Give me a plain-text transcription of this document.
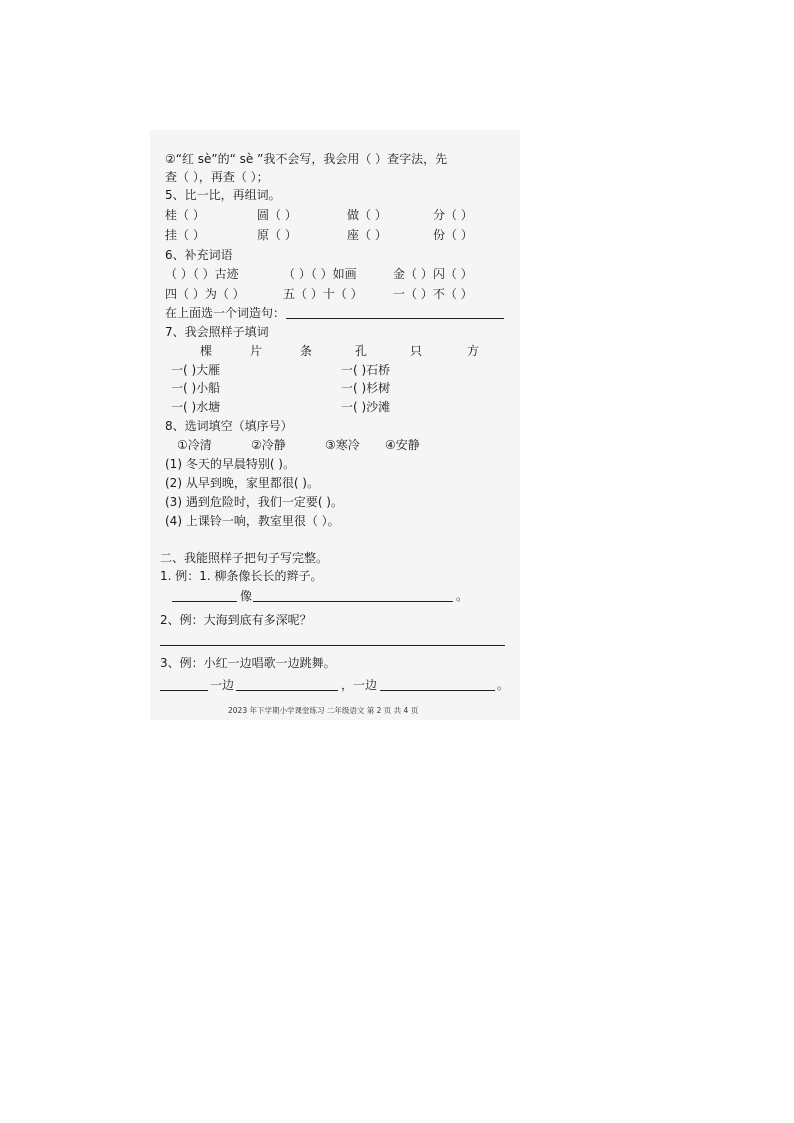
②“红 sè”的“ sè ”我不会写，我会用（ ）查字法，先
查（ ），再查（ ）；
5、比一比，再组词。
桂（ ）	圆（ ）	做（ ）	分（ ）
挂（ ）	原（ ）	座（ ）	份（ ）
6、补充词语
（ ）（ ）古迹	（ ）（ ）如画	金（ ）闪（ ）
四（ ）为（ ）	五（ ）十（ ）	一（ ）不（ ）
在上面选一个词造句：
7、我会照样子填词
棵	片	条	孔	只	方
一( )大雁	一( )石桥
一( )小船	一( )杉树
一( )水塘	一( )沙滩
8、选词填空（填序号）
①冷清	②冷静	③寒冷 ④安静
(1) 冬天的早晨特别( )。
(2) 从早到晚，家里都很( )。
(3) 遇到危险时，我们一定要( )。
(4) 上课铃一响，教室里很（ ）。
二、我能照样子把句子写完整。
1. 例：1. 柳条像长长的辫子。
像	。
2、例：大海到底有多深呢？
3、例：小红一边唱歌一边跳舞。
一边	，一边	。
2023 年下学期小学课堂练习 二年级语文 第 2 页 共 4 页
